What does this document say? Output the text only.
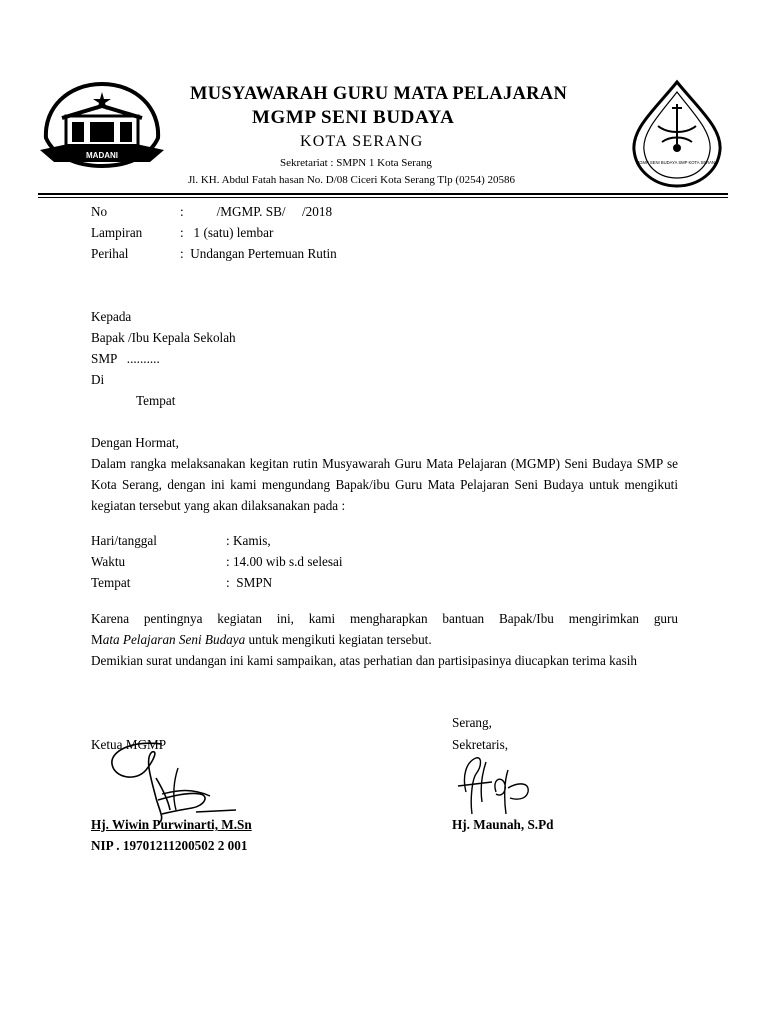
MADANI
MGMP SENI BUDAYA SMP KOTA SERANG
MUSYAWARAH GURU MATA PELAJARAN
MGMP SENI BUDAYA
KOTA SERANG
Sekretariat : SMPN 1 Kota Serang
Jl. KH. Abdul Fatah hasan No. D/08 Ciceri Kota Serang Tlp (0254) 20586
No	:          /MGMP. SB/     /2018
Lampiran	:   1 (satu) lembar
Perihal	:  Undangan Pertemuan Rutin
Kepada
Bapak /Ibu Kepala Sekolah
SMP   ..........
Di
Tempat
Dengan Hormat,
Dalam rangka melaksanakan kegitan rutin Musyawarah Guru Mata Pelajaran (MGMP) Seni Budaya SMP se Kota Serang, dengan ini kami mengundang Bapak/ibu Guru Mata Pelajaran Seni Budaya untuk mengikuti kegiatan tersebut yang akan dilaksanakan pada :
Hari/tanggal	: Kamis,
Waktu	: 14.00 wib s.d selesai
Tempat	:  SMPN
Karena pentingnya kegiatan ini, kami mengharapkan bantuan Bapak/Ibu mengirimkan guru
Mata Pelajaran Seni Budaya untuk mengikuti kegiatan tersebut.
Demikian surat undangan ini kami sampaikan, atas perhatian dan partisipasinya diucapkan terima kasih
Serang,
Ketua MGMP	Sekretaris,
Hj. Wiwin Purwinarti, M.Sn
NIP . 19701211200502 2 001
Hj. Maunah, S.Pd
